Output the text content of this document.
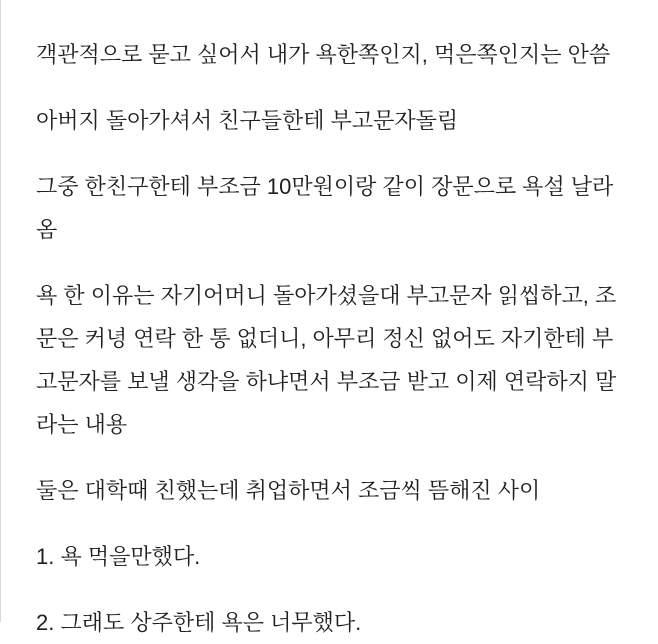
객관적으로 묻고 싶어서 내가 욕한쪽인지, 먹은쪽인지는 안씀

아버지 돌아가셔서 친구들한테 부고문자돌림

그중 한친구한테 부조금 10만원이랑 같이 장문으로 욕설 날라옴

욕 한 이유는 자기어머니 돌아가셨을대 부고문자 읽씹하고, 조문은 커녕 연락 한 통 없더니, 아무리 정신 없어도 자기한테 부고문자를 보낼 생각을 하냐면서 부조금 받고 이제 연락하지 말라는 내용

둘은 대학때 친했는데 취업하면서 조금씩 뜸해진 사이

1. 욕 먹을만했다.

2. 그래도 상주한테 욕은 너무했다.
